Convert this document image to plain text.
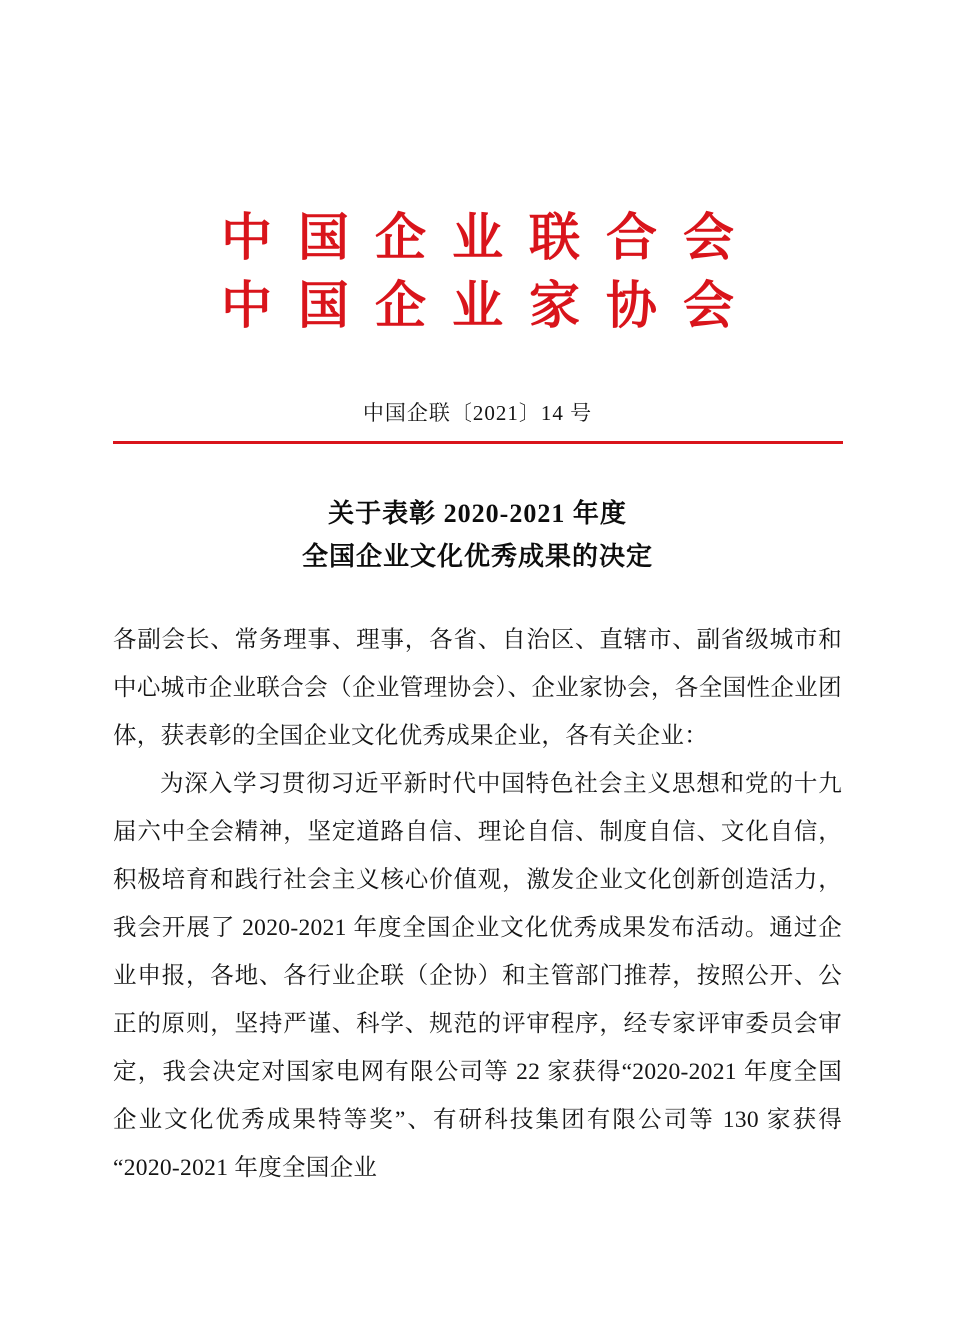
中国企业联合会
中国企业家协会
中国企联〔2021〕14 号
关于表彰 2020-2021 年度
全国企业文化优秀成果的决定

各副会长、常务理事、理事，各省、自治区、直辖市、副省级城市和中心城市企业联合会（企业管理协会）、企业家协会，各全国性企业团体，获表彰的全国企业文化优秀成果企业，各有关企业：

为深入学习贯彻习近平新时代中国特色社会主义思想和党的十九届六中全会精神，坚定道路自信、理论自信、制度自信、文化自信，积极培育和践行社会主义核心价值观，激发企业文化创新创造活力，我会开展了 2020-2021 年度全国企业文化优秀成果发布活动。通过企业申报，各地、各行业企联（企协）和主管部门推荐，按照公开、公正的原则，坚持严谨、科学、规范的评审程序，经专家评审委员会审定，我会决定对国家电网有限公司等 22 家获得“2020-2021 年度全国企业文化优秀成果特等奖”、有研科技集团有限公司等 130 家获得“2020-2021 年度全国企业
